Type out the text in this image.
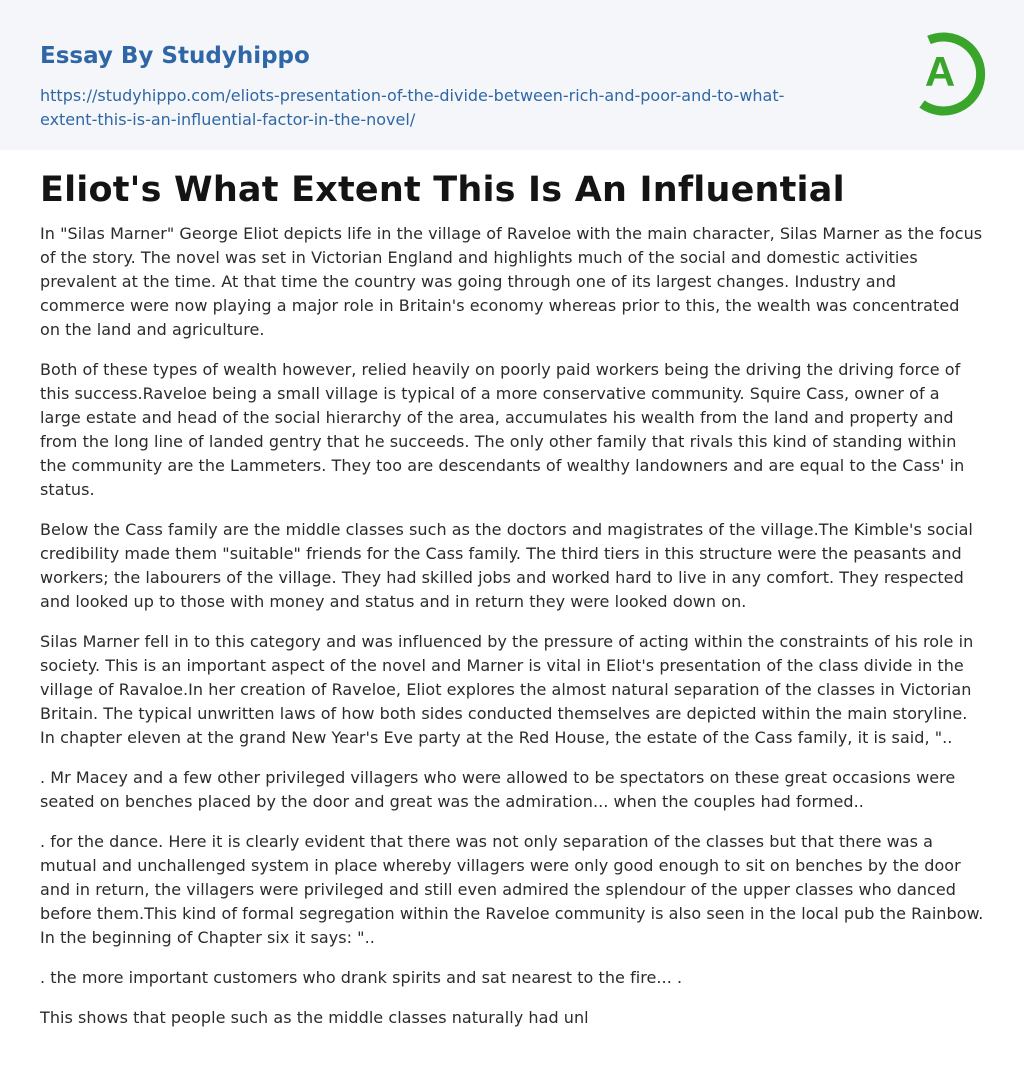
Essay By Studyhippo
https://studyhippo.com/eliots-presentation-of-the-divide-between-rich-and-poor-and-to-what-extent-this-is-an-influential-factor-in-the-novel/
A
Eliot's What Extent This Is An Influential

In "Silas Marner" George Eliot depicts life in the village of Raveloe with the main character, Silas Marner as the focus of the story. The novel was set in Victorian England and highlights much of the social and domestic activities prevalent at the time. At that time the country was going through one of its largest changes. Industry and commerce were now playing a major role in Britain's economy whereas prior to this, the wealth was concentrated on the land and agriculture.

Both of these types of wealth however, relied heavily on poorly paid workers being the driving the driving force of this success.Raveloe being a small village is typical of a more conservative community. Squire Cass, owner of a large estate and head of the social hierarchy of the area, accumulates his wealth from the land and property and from the long line of landed gentry that he succeeds. The only other family that rivals this kind of standing within the community are the Lammeters. They too are descendants of wealthy landowners and are equal to the Cass' in status.

Below the Cass family are the middle classes such as the doctors and magistrates of the village.The Kimble's social credibility made them "suitable" friends for the Cass family. The third tiers in this structure were the peasants and workers; the labourers of the village. They had skilled jobs and worked hard to live in any comfort. They respected and looked up to those with money and status and in return they were looked down on.

Silas Marner fell in to this category and was influenced by the pressure of acting within the constraints of his role in society. This is an important aspect of the novel and Marner is vital in Eliot's presentation of the class divide in the village of Ravaloe.In her creation of Raveloe, Eliot explores the almost natural separation of the classes in Victorian Britain. The typical unwritten laws of how both sides conducted themselves are depicted within the main storyline. In chapter eleven at the grand New Year's Eve party at the Red House, the estate of the Cass family, it is said, "..

. Mr Macey and a few other privileged villagers who were allowed to be spectators on these great occasions were seated on benches placed by the door and great was the admiration... when the couples had formed..

. for the dance. Here it is clearly evident that there was not only separation of the classes but that there was a mutual and unchallenged system in place whereby villagers were only good enough to sit on benches by the door and in return, the villagers were privileged and still even admired the splendour of the upper classes who danced before them.This kind of formal segregation within the Raveloe community is also seen in the local pub the Rainbow. In the beginning of Chapter six it says: "..

. the more important customers who drank spirits and sat nearest to the fire... .

This shows that people such as the middle classes naturally had unl
